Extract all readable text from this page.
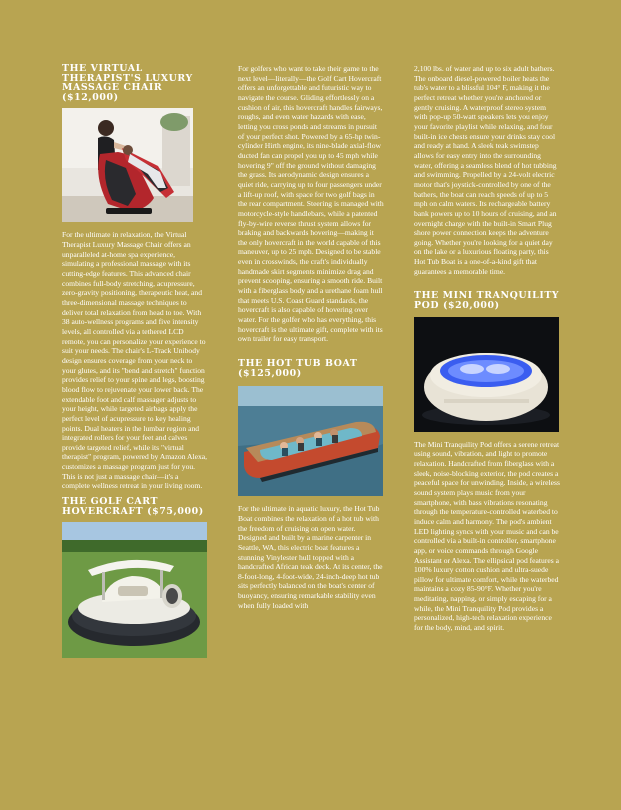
THE VIRTUAL THERAPIST'S LUXURY MASSAGE CHAIR ($12,000)

For the ultimate in relaxation, the Virtual Therapist Luxury Massage Chair offers an unparalleled at-home spa experience, simulating a professional massage with its cutting-edge features. This advanced chair combines full-body stretching, acupressure, zero-gravity positioning, therapeutic heat, and three-dimensional massage techniques to deliver total relaxation from head to toe. With 38 auto-wellness programs and five intensity levels, all controlled via a tethered LCD remote, you can personalize your experience to suit your needs. The chair's L-Track Unibody design ensures coverage from your neck to your glutes, and its "bend and stretch" function provides relief to your spine and legs, boosting blood flow to rejuvenate your lower back. The extendable foot and calf massager adjusts to your height, while targeted airbags apply the perfect level of acupressure to key healing points. Dual heaters in the lumbar region and integrated rollers for your feet and calves provide targeted relief, while its "virtual therapist" program, powered by Amazon Alexa, customizes a massage program just for you. This is not just a massage chair—it's a complete wellness retreat in your living room.

THE GOLF CART HOVERCRAFT ($75,000)

For golfers who want to take their game to the next level—literally—the Golf Cart Hovercraft offers an unforgettable and futuristic way to navigate the course. Gliding effortlessly on a cushion of air, this hovercraft handles fairways, roughs, and even water hazards with ease, letting you cross ponds and streams in pursuit of your perfect shot. Powered by a 65-hp twin-cylinder Hirth engine, its nine-blade axial-flow ducted fan can propel you up to 45 mph while hovering 9" off the ground without damaging the grass. Its aerodynamic design ensures a quiet ride, carrying up to four passengers under a lift-up roof, with space for two golf bags in the rear compartment. Steering is managed with motorcycle-style handlebars, while a patented fly-by-wire reverse thrust system allows for braking and backwards hovering—making it the only hovercraft in the world capable of this maneuver, up to 25 mph. Designed to be stable even in crosswinds, the craft's individually handmade skirt segments minimize drag and prevent scooping, ensuring a smooth ride. Built with a fiberglass body and a urethane foam hull that meets U.S. Coast Guard standards, the hovercraft is also capable of hovering over water. For the golfer who has everything, this hovercraft is the ultimate gift, complete with its own trailer for easy transport.

THE HOT TUB BOAT ($125,000)

For the ultimate in aquatic luxury, the Hot Tub Boat combines the relaxation of a hot tub with the freedom of cruising on open water. Designed and built by a marine carpenter in Seattle, WA, this electric boat features a stunning Vinylester hull topped with a handcrafted African teak deck. At its center, the 8-foot-long, 4-foot-wide, 24-inch-deep hot tub sits perfectly balanced on the boat's center of buoyancy, ensuring remarkable stability even when fully loaded with

2,100 lbs. of water and up to six adult bathers. The onboard diesel-powered boiler heats the tub's water to a blissful 104° F, making it the perfect retreat whether you're anchored or gently cruising. A waterproof stereo system with pop-up 50-watt speakers lets you enjoy your favorite playlist while relaxing, and four built-in ice chests ensure your drinks stay cool and ready at hand. A sleek teak swimstep allows for easy entry into the surrounding water, offering a seamless blend of hot tubbing and swimming. Propelled by a 24-volt electric motor that's joystick-controlled by one of the bathers, the boat can reach speeds of up to 5 mph on calm waters. Its rechargeable battery bank powers up to 10 hours of cruising, and an overnight charge with the built-in Smart Plug shore power connection keeps the adventure going. Whether you're looking for a quiet day on the lake or a luxurious floating party, this Hot Tub Boat is a one-of-a-kind gift that guarantees a memorable time.

THE MINI TRANQUILITY POD ($20,000)

The Mini Tranquility Pod offers a serene retreat using sound, vibration, and light to promote relaxation. Handcrafted from fiberglass with a sleek, noise-blocking exterior, the pod creates a peaceful space for unwinding. Inside, a wireless sound system plays music from your smartphone, with bass vibrations resonating through the temperature-controlled waterbed to induce calm and harmony. The pod's ambient LED lighting syncs with your music and can be controlled via a built-in controller, smartphone app, or voice commands through Google Assistant or Alexa. The ellipsical pod features a 100% luxury cotton cushion and ultra-suede pillow for ultimate comfort, while the waterbed maintains a cozy 85-90°F. Whether you're meditating, napping, or simply escaping for a while, the Mini Tranquility Pod provides a personalized, high-tech relaxation experience for the body, mind, and spirit.
